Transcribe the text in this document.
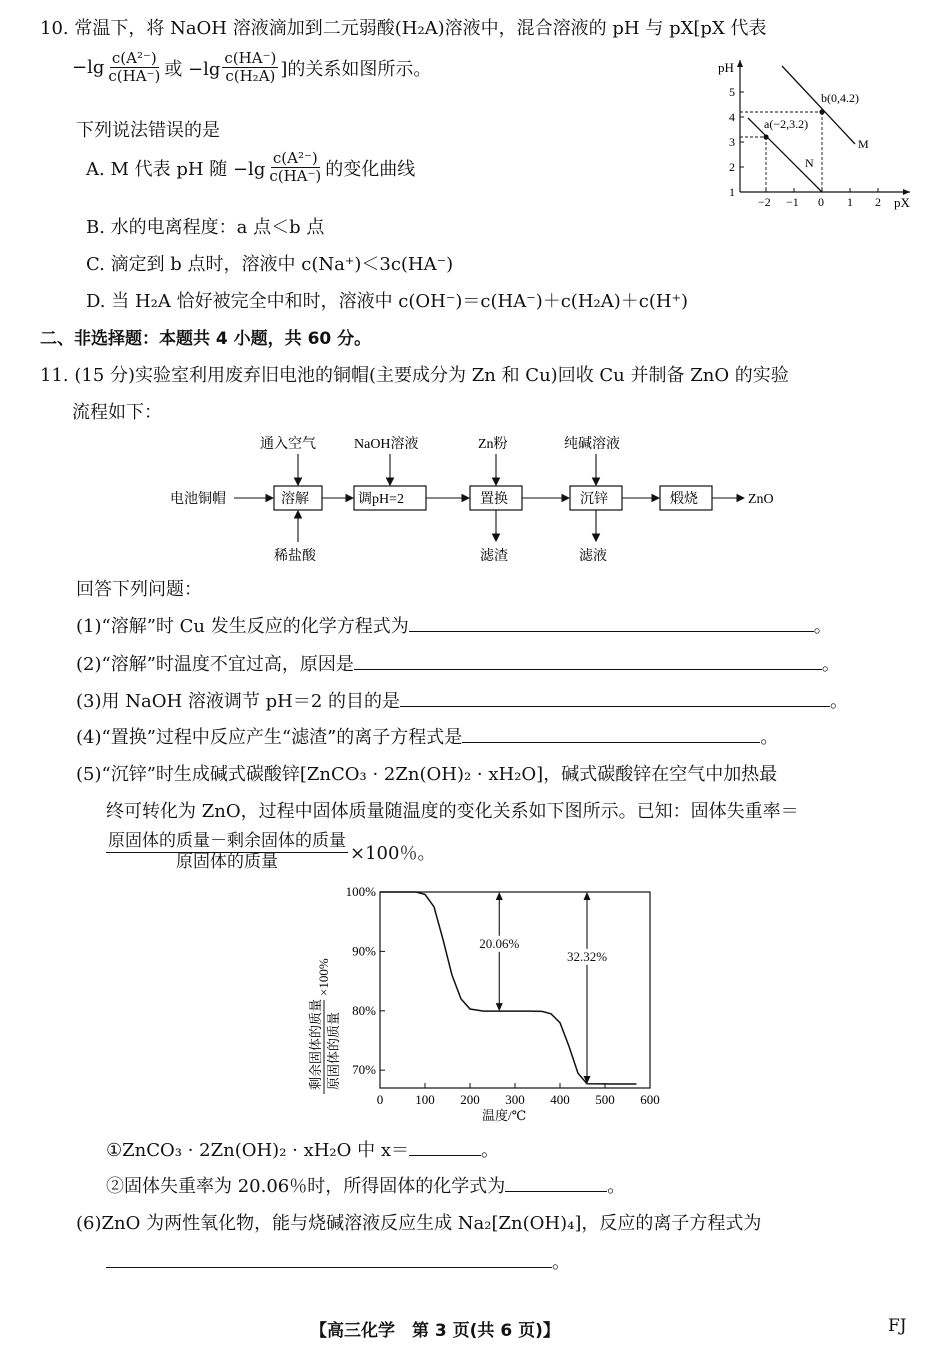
10. 常温下，将 NaOH 溶液滴加到二元弱酸(H₂A)溶液中，混合溶液的 pH 与 pX[pX 代表
$-\lg \frac{\text{c(A²⁻)}}{c(HA^-)}$ 或 $-\lg \frac{c(HA^-)}{\text{c(H₂A)}}$ ]的关系如图所示。
下列说法错误的是
A. M 代表 pH 随 $-\lg \frac{\text{c(A²⁻)}}{c(HA^-)}$ 的变化曲线
B. 水的电离程度：a 点＜b 点
C. 滴定到 b 点时，溶液中 c(Na⁺)＜3c(HA⁻)
D. 当 H₂A 恰好被完全中和时，溶液中 c(OH⁻)＝c(HA⁻)＋c(H₂A)＋c(H⁺)
pH
pX
1
2
3
4
5
−2 −1 0 1 2
b(0,4.2)
a(−2,3.2)
M
N
二、非选择题：本题共 4 小题，共 60 分。
11. (15 分)实验室利用废弃旧电池的铜帽(主要成分为 Zn 和 Cu)回收 Cu 并制备 ZnO 的实验
流程如下：
电池铜帽	ZnO
通入空气	NaOH溶液	Zn粉	纯碱溶液
稀盐酸	滤渣	滤液
溶解	调pH=2	置换	沉锌	煅烧
回答下列问题：
(1)“溶解”时 Cu 发生反应的化学方程式为	。
(2)“溶解”时温度不宜过高，原因是	。
(3)用 NaOH 溶液调节 pH＝2 的目的是	。
(4)“置换”过程中反应产生“滤渣”的离子方程式是	。
(5)“沉锌”时生成碱式碳酸锌[ZnCO₃ · 2Zn(OH)₂ · xH₂O]，碱式碳酸锌在空气中加热最
终可转化为 ZnO，过程中固体质量随温度的变化关系如下图所示。已知：固体失重率＝
$\frac{\text{原固体的质量－剩余固体的质量}}{\text{原固体的质量}} \times 100$％。
剩余固体的质量 原固体的质量
×100%
100%
90%
80%
70%
0 100 200 300 400 500 600
20.06%
32.32%
温度/℃
①ZnCO₃ · 2Zn(OH)₂ · xH₂O 中 x＝	。
②固体失重率为 20.06％时，所得固体的化学式为	。
(6)ZnO 为两性氧化物，能与烧碱溶液反应生成 Na₂[Zn(OH)₄]，反应的离子方程式为
。
【高三化学　第 3 页(共 6 页)】	FJ
